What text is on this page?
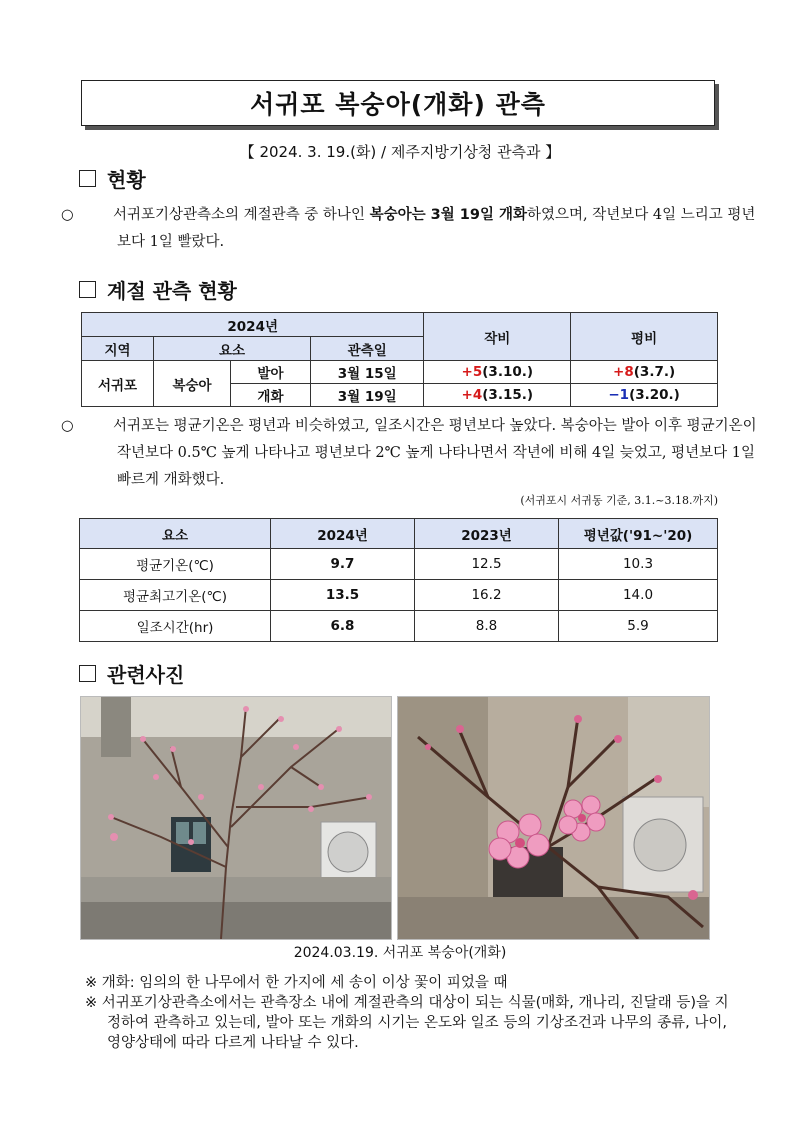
서귀포 복숭아(개화) 관측
【 2024. 3. 19.(화) / 제주지방기상청 관측과 】
현황
○	서귀포기상관측소의 계절관측 중 하나인 복숭아는 3월 19일 개화하였으며, 작년보다 4일 느리고 평년보다 1일 빨랐다.
계절 관측 현황
2024년				작비	평비
지역	요소		관측일		
서귀포	복숭아	발아	3월 15일	+5(3.10.)	+8(3.7.)
		개화	3월 19일	+4(3.15.)	−1(3.20.)
○	서귀포는 평균기온은 평년과 비슷하였고, 일조시간은 평년보다 높았다. 복숭아는 발아 이후 평균기온이 작년보다 0.5℃ 높게 나타나고 평년보다 2℃ 높게 나타나면서 작년에 비해 4일 늦었고, 평년보다 1일 빠르게 개화했다.
(서귀포시 서귀동 기준, 3.1.~3.18.까지)
요소	2024년	2023년	평년값('91~'20)
평균기온(℃)	9.7	12.5	10.3
평균최고기온(℃)	13.5	16.2	14.0
일조시간(hr)	6.8	8.8	5.9
관련사진
2024.03.19. 서귀포 복숭아(개화)
※ 개화: 임의의 한 나무에서 한 가지에 세 송이 이상 꽃이 피었을 때
※ 서귀포기상관측소에서는 관측장소 내에 계절관측의 대상이 되는 식물(매화, 개나리, 진달래 등)을 지정하여 관측하고 있는데, 발아 또는 개화의 시기는 온도와 일조 등의 기상조건과 나무의 종류, 나이, 영양상태에 따라 다르게 나타날 수 있다.
